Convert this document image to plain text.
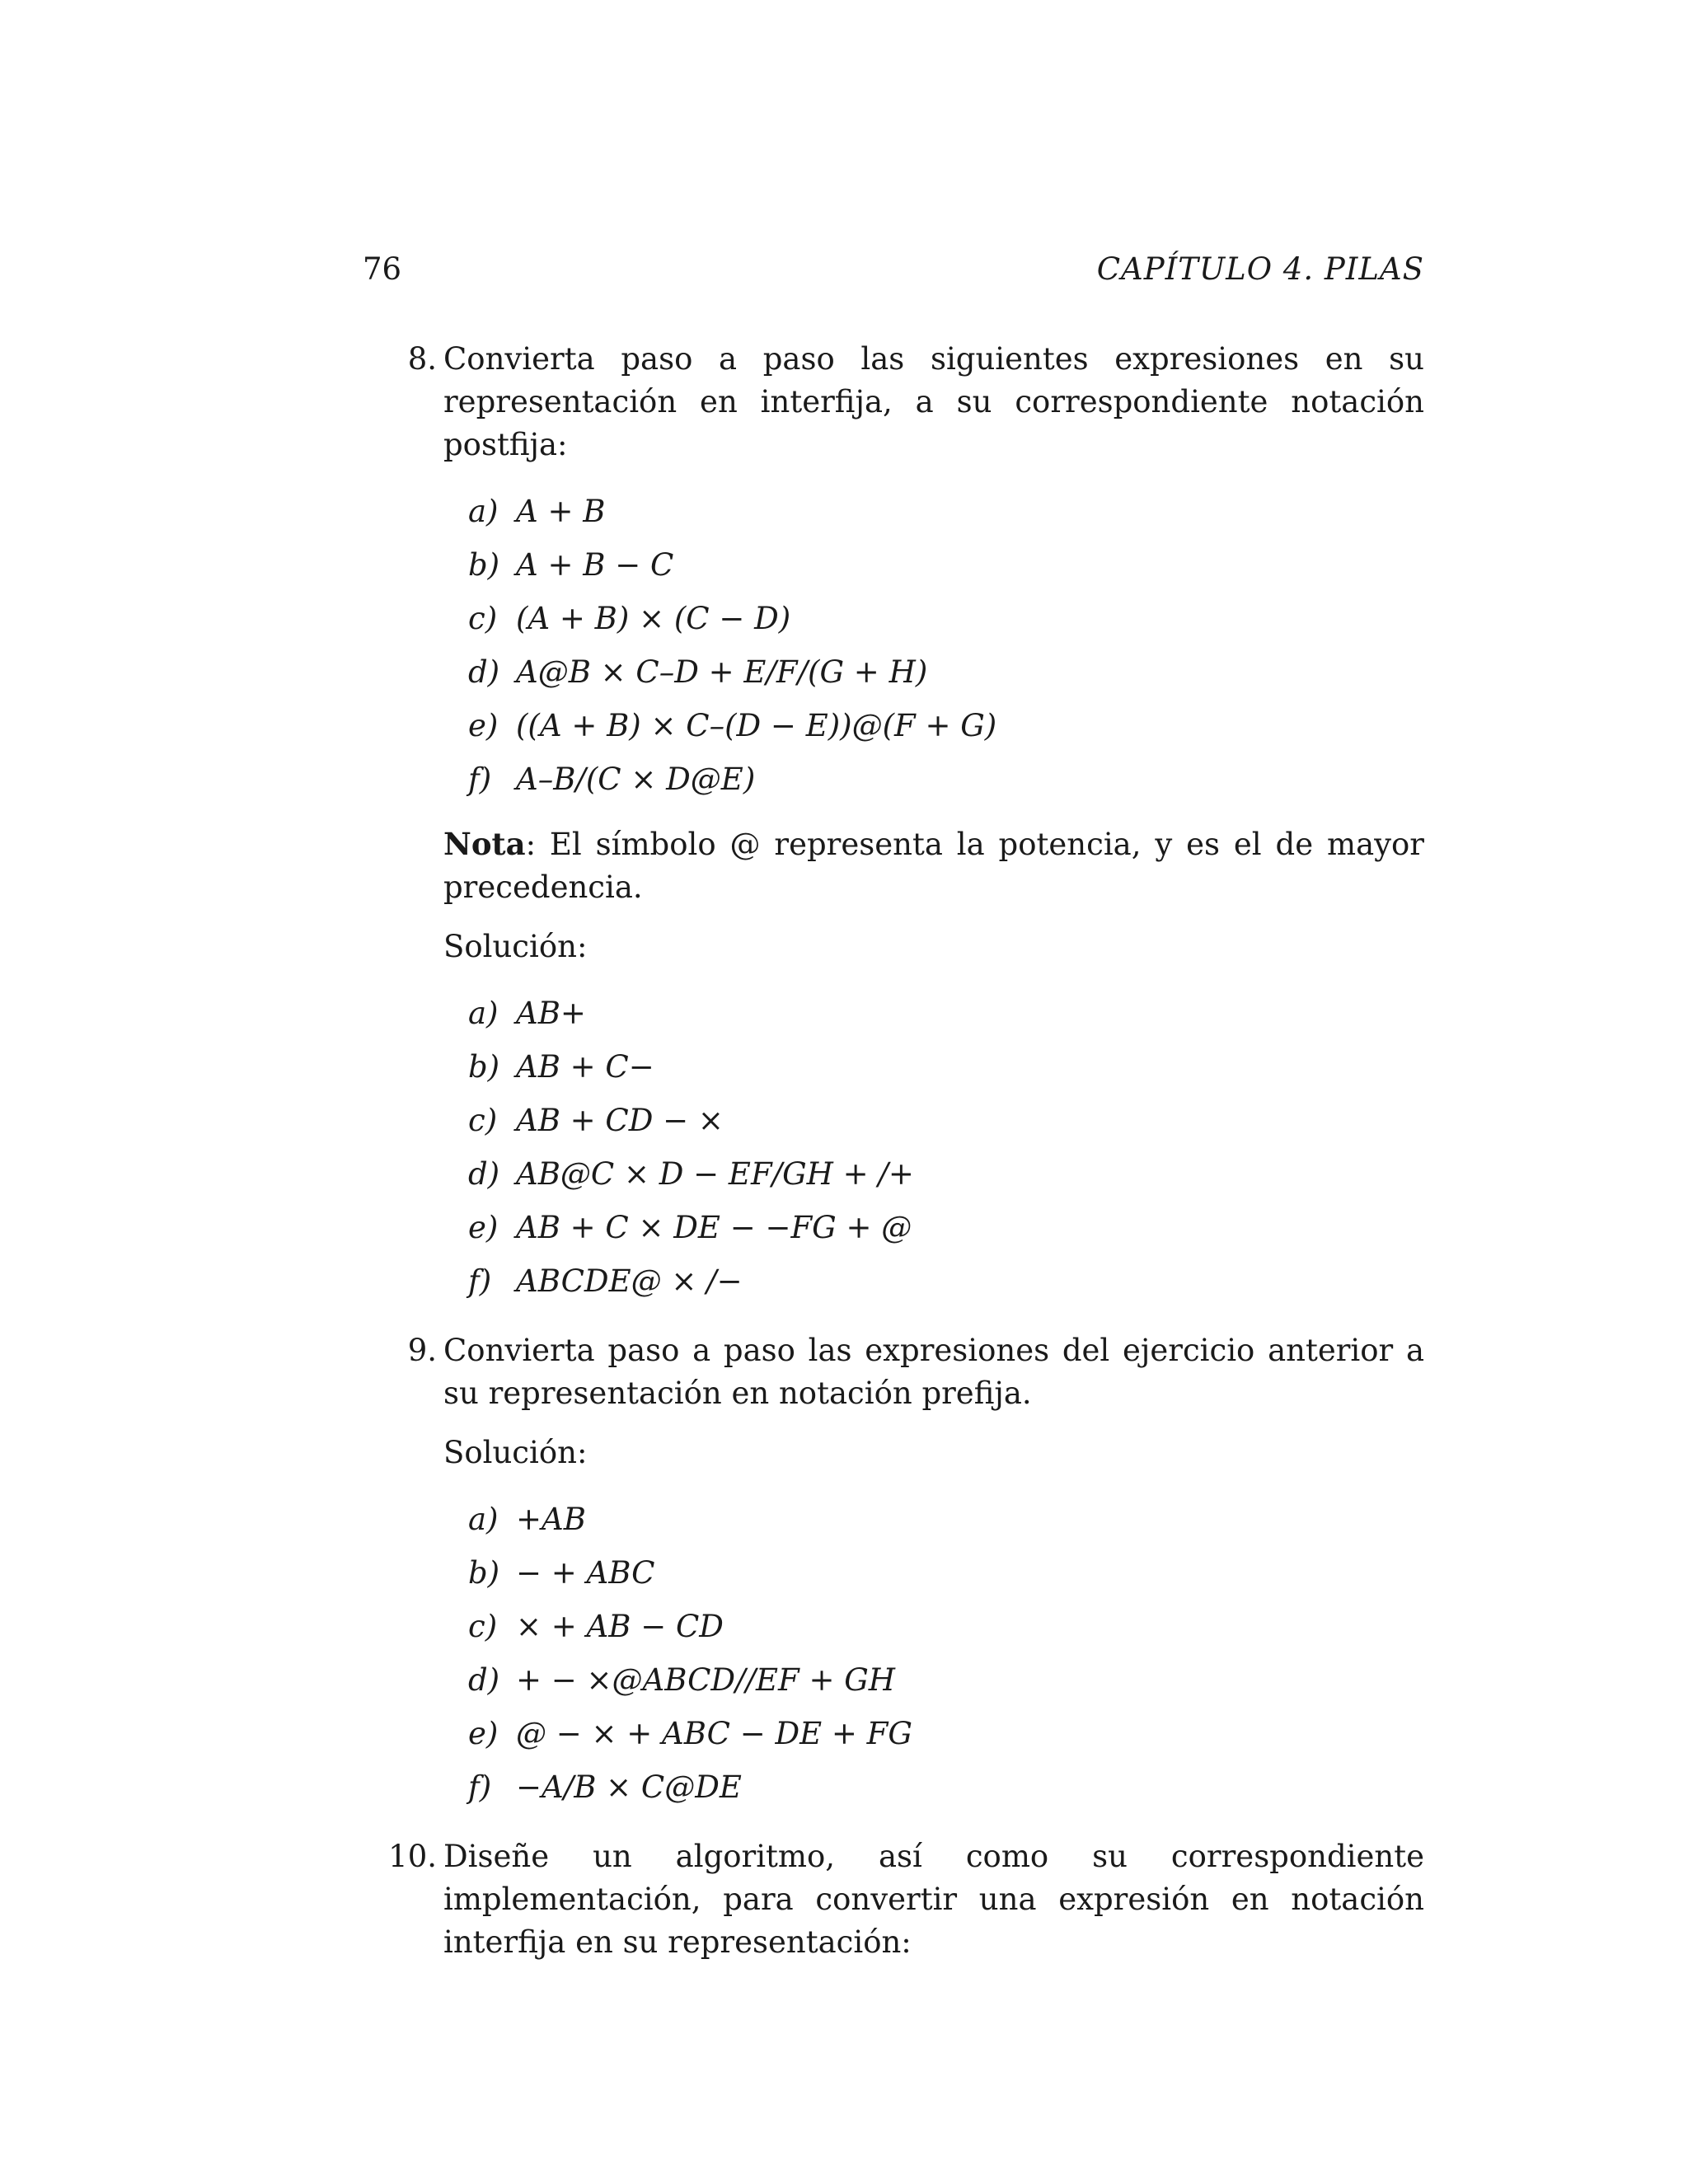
76	CAPÍTULO 4. PILAS
8. Convierta paso a paso las siguientes expresiones en su representación en interfija, a su correspondiente notación postfija:
a) A + B
b) A + B − C
c) (A + B) × (C − D)
d) A@B × C–D + E/F/(G + H)
e) ((A + B) × C–(D − E))@(F + G)
f) A–B/(C × D@E)
Nota: El símbolo @ representa la potencia, y es el de mayor precedencia.
Solución:
a) AB+
b) AB + C−
c) AB + CD − ×
d) AB@C × D − EF/GH + /+
e) AB + C × DE − −FG + @
f) ABCDE@ × /−
9. Convierta paso a paso las expresiones del ejercicio anterior a su representación en notación prefija.
Solución:
a) +AB
b) − + ABC
c) × + AB − CD
d) + − ×@ABCD//EF + GH
e) @ − × + ABC − DE + FG
f) −A/B × C@DE
10. Diseñe un algoritmo, así como su correspondiente implementación, para convertir una expresión en notación interfija en su representación:
